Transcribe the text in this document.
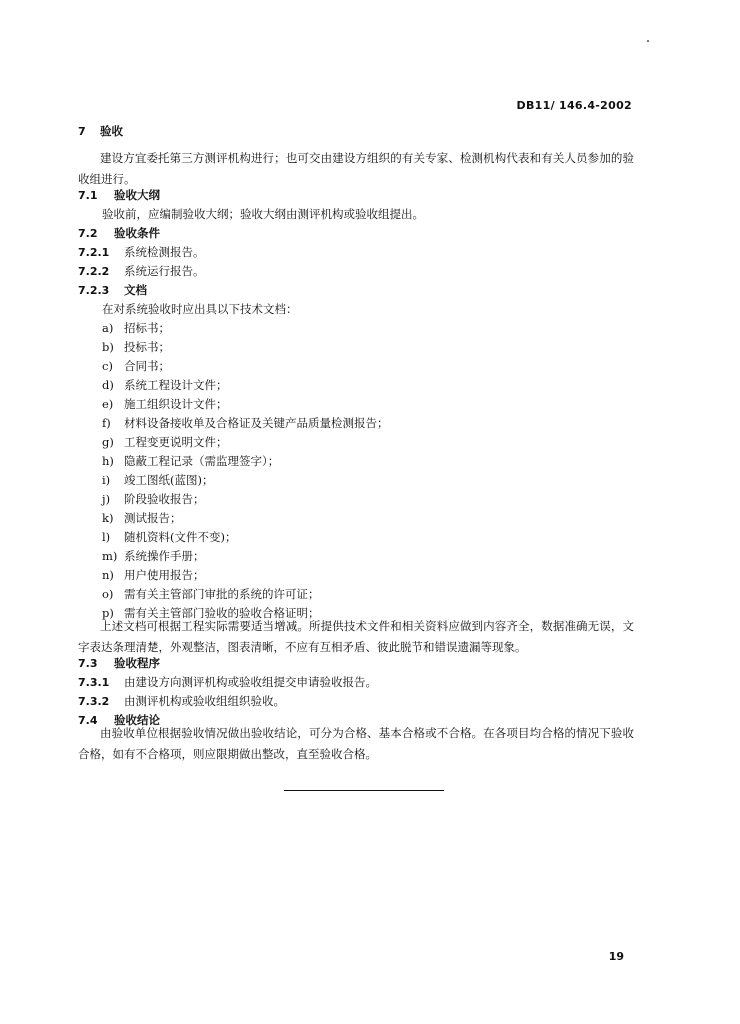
DB11/ 146.4-2002
7 验收
建设方宜委托第三方测评机构进行；也可交由建设方组织的有关专家、检测机构代表和有关人员参加的验收组进行。
7.1 验收大纲
验收前，应编制验收大纲；验收大纲由测评机构或验收组提出。
7.2 验收条件
7.2.1 系统检测报告。
7.2.2 系统运行报告。
7.2.3 文档
在对系统验收时应出具以下技术文档：
a) 招标书；
b) 投标书；
c) 合同书；
d) 系统工程设计文件；
e) 施工组织设计文件；
f) 材料设备接收单及合格证及关键产品质量检测报告；
g) 工程变更说明文件；
h) 隐蔽工程记录（需监理签字）；
i) 竣工图纸(蓝图)；
j) 阶段验收报告；
k) 测试报告；
l) 随机资料(文件不变)；
m) 系统操作手册；
n) 用户使用报告；
o) 需有关主管部门审批的系统的许可证；
p) 需有关主管部门验收的验收合格证明；
上述文档可根据工程实际需要适当增减。所提供技术文件和相关资料应做到内容齐全，数据准确无误，文字表达条理清楚，外观整洁，图表清晰，不应有互相矛盾、彼此脱节和错误遗漏等现象。
7.3 验收程序
7.3.1 由建设方向测评机构或验收组提交申请验收报告。
7.3.2 由测评机构或验收组组织验收。
7.4 验收结论
由验收单位根据验收情况做出验收结论，可分为合格、基本合格或不合格。在各项目均合格的情况下验收合格，如有不合格项，则应限期做出整改，直至验收合格。
19
